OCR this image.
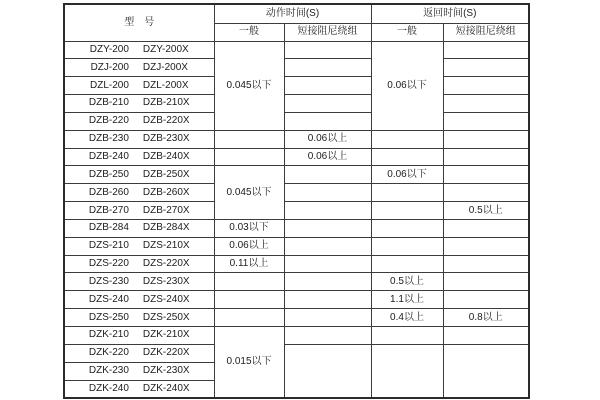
型　号	动作时间(S)		返回时间(S)	
	一般	短接阻尼绕组	一般	短接阻尼绕组
DZY-200 DZY-200X	0.045以下		0.06以下	
DZJ-200 DZJ-200X				
DZL-200 DZL-200X				
DZB-210 DZB-210X				
DZB-220 DZB-220X				
DZB-230 DZB-230X		0.06以上		
DZB-240 DZB-240X		0.06以上		
DZB-250 DZB-250X	0.045以下		0.06以下	
DZB-260 DZB-260X				
DZB-270 DZB-270X				0.5以上
DZB-284 DZB-284X	0.03以下			
DZS-210 DZS-210X	0.06以上			
DZS-220 DZS-220X	0.11以上			
DZS-230 DZS-230X			0.5以上	
DZS-240 DZS-240X			1.1以上	
DZS-250 DZS-250X			0.4以上	0.8以上
DZK-210 DZK-210X	0.015以下			
DZK-220 DZK-220X				
DZK-230 DZK-230X				
DZK-240 DZK-240X				
